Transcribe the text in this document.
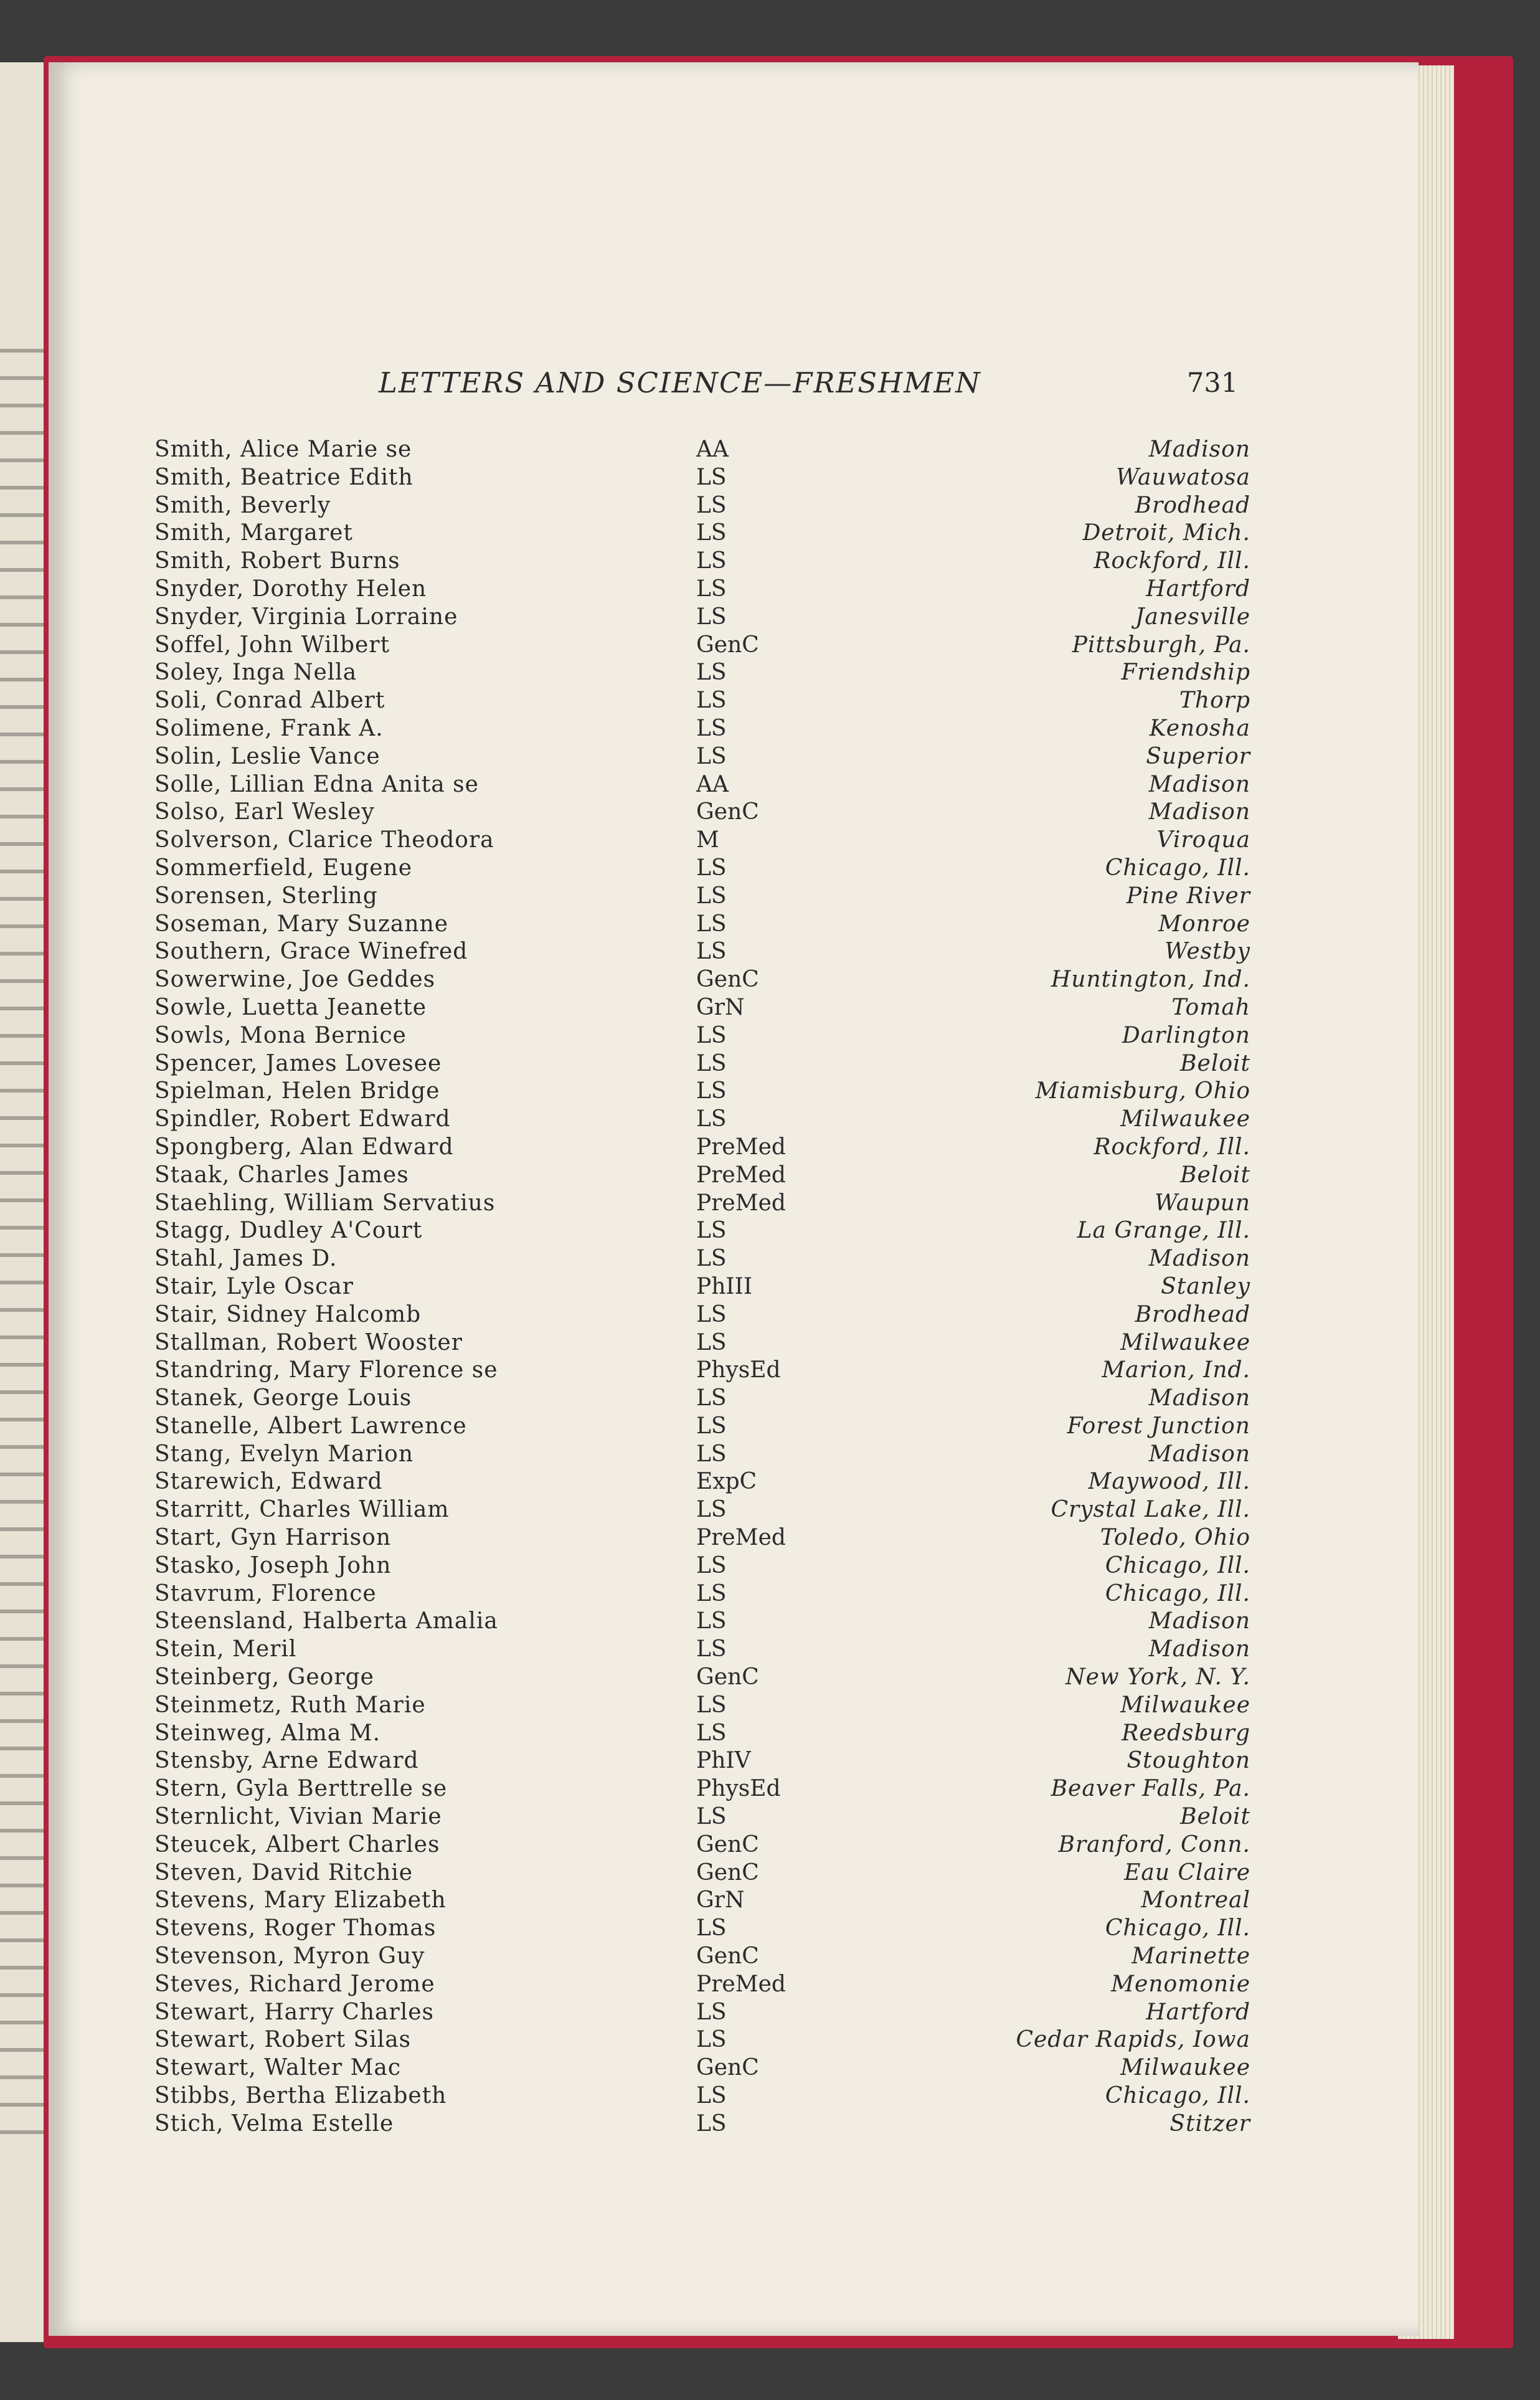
LETTERS AND SCIENCE—FRESHMEN	731
Smith, Alice Marie se	AA	Madison
Smith, Beatrice Edith	LS	Wauwatosa
Smith, Beverly	LS	Brodhead
Smith, Margaret	LS	Detroit, Mich.
Smith, Robert Burns	LS	Rockford, Ill.
Snyder, Dorothy Helen	LS	Hartford
Snyder, Virginia Lorraine	LS	Janesville
Soffel, John Wilbert	GenC	Pittsburgh, Pa.
Soley, Inga Nella	LS	Friendship
Soli, Conrad Albert	LS	Thorp
Solimene, Frank A.	LS	Kenosha
Solin, Leslie Vance	LS	Superior
Solle, Lillian Edna Anita se	AA	Madison
Solso, Earl Wesley	GenC	Madison
Solverson, Clarice Theodora	M	Viroqua
Sommerfield, Eugene	LS	Chicago, Ill.
Sorensen, Sterling	LS	Pine River
Soseman, Mary Suzanne	LS	Monroe
Southern, Grace Winefred	LS	Westby
Sowerwine, Joe Geddes	GenC	Huntington, Ind.
Sowle, Luetta Jeanette	GrN	Tomah
Sowls, Mona Bernice	LS	Darlington
Spencer, James Lovesee	LS	Beloit
Spielman, Helen Bridge	LS	Miamisburg, Ohio
Spindler, Robert Edward	LS	Milwaukee
Spongberg, Alan Edward	PreMed	Rockford, Ill.
Staak, Charles James	PreMed	Beloit
Staehling, William Servatius	PreMed	Waupun
Stagg, Dudley A'Court	LS	La Grange, Ill.
Stahl, James D.	LS	Madison
Stair, Lyle Oscar	PhIII	Stanley
Stair, Sidney Halcomb	LS	Brodhead
Stallman, Robert Wooster	LS	Milwaukee
Standring, Mary Florence se	PhysEd	Marion, Ind.
Stanek, George Louis	LS	Madison
Stanelle, Albert Lawrence	LS	Forest Junction
Stang, Evelyn Marion	LS	Madison
Starewich, Edward	ExpC	Maywood, Ill.
Starritt, Charles William	LS	Crystal Lake, Ill.
Start, Gyn Harrison	PreMed	Toledo, Ohio
Stasko, Joseph John	LS	Chicago, Ill.
Stavrum, Florence	LS	Chicago, Ill.
Steensland, Halberta Amalia	LS	Madison
Stein, Meril	LS	Madison
Steinberg, George	GenC	New York, N. Y.
Steinmetz, Ruth Marie	LS	Milwaukee
Steinweg, Alma M.	LS	Reedsburg
Stensby, Arne Edward	PhIV	Stoughton
Stern, Gyla Berttrelle se	PhysEd	Beaver Falls, Pa.
Sternlicht, Vivian Marie	LS	Beloit
Steucek, Albert Charles	GenC	Branford, Conn.
Steven, David Ritchie	GenC	Eau Claire
Stevens, Mary Elizabeth	GrN	Montreal
Stevens, Roger Thomas	LS	Chicago, Ill.
Stevenson, Myron Guy	GenC	Marinette
Steves, Richard Jerome	PreMed	Menomonie
Stewart, Harry Charles	LS	Hartford
Stewart, Robert Silas	LS	Cedar Rapids, Iowa
Stewart, Walter Mac	GenC	Milwaukee
Stibbs, Bertha Elizabeth	LS	Chicago, Ill.
Stich, Velma Estelle	LS	Stitzer
